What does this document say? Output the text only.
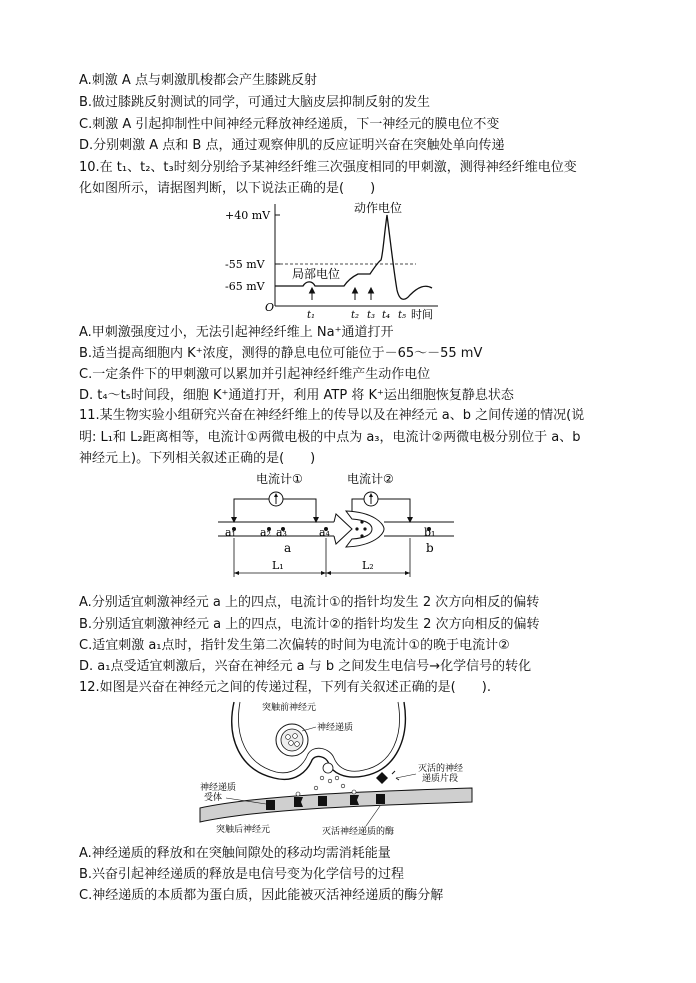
A.刺激 A 点与刺激肌梭都会产生膝跳反射
B.做过膝跳反射测试的同学，可通过大脑皮层抑制反射的发生
C.刺激 A 引起抑制性中间神经元释放神经递质，下一神经元的膜电位不变
D.分别刺激 A 点和 B 点，通过观察伸肌的反应证明兴奋在突触处单向传递
10.在 t₁、t₂、t₃时刻分别给予某神经纤维三次强度相同的甲刺激，测得神经纤维电位变
化如图所示，请据图判断，以下说法正确的是(　　)
+40 mV
-55 mV
-65 mV
O
t₁	t₂ t₃ t₄ t₅ 时间
动作电位
局部电位
A.甲刺激强度过小，无法引起神经纤维上 Na⁺通道打开
B.适当提高细胞内 K⁺浓度，测得的静息电位可能位于－65～－55 mV
C.一定条件下的甲刺激可以累加并引起神经纤维产生动作电位
D. t₄～t₅时间段，细胞 K⁺通道打开，利用 ATP 将 K⁺运出细胞恢复静息状态
11.某生物实验小组研究兴奋在神经纤维上的传导以及在神经元 a、b 之间传递的情况(说
明: L₁和 L₂距离相等，电流计①两微电极的中点为 a₃，电流计②两微电极分别位于 a、b
神经元上)。下列相关叙述正确的是(　　)
电流计①	电流计②
a₁ a₂ a₃	a₄	b₁
a	b
L₁	L₂
A.分别适宜刺激神经元 a 上的四点，电流计①的指针均发生 2 次方向相反的偏转
B.分别适宜刺激神经元 a 上的四点，电流计②的指针均发生 2 次方向相反的偏转
C.适宜刺激 a₁点时，指针发生第二次偏转的时间为电流计①的晚于电流计②
D. a₁点受适宜刺激后，兴奋在神经元 a 与 b 之间发生电信号→化学信号的转化
12.如图是兴奋在神经元之间的传递过程，下列有关叙述正确的是(　　).
突触前神经元
神经递质
神经递质
受体
灭活的神经
递质片段
突触后神经元	灭活神经递质的酶
A.神经递质的释放和在突触间隙处的移动均需消耗能量
B.兴奋引起神经递质的释放是电信号变为化学信号的过程
C.神经递质的本质都为蛋白质，因此能被灭活神经递质的酶分解
